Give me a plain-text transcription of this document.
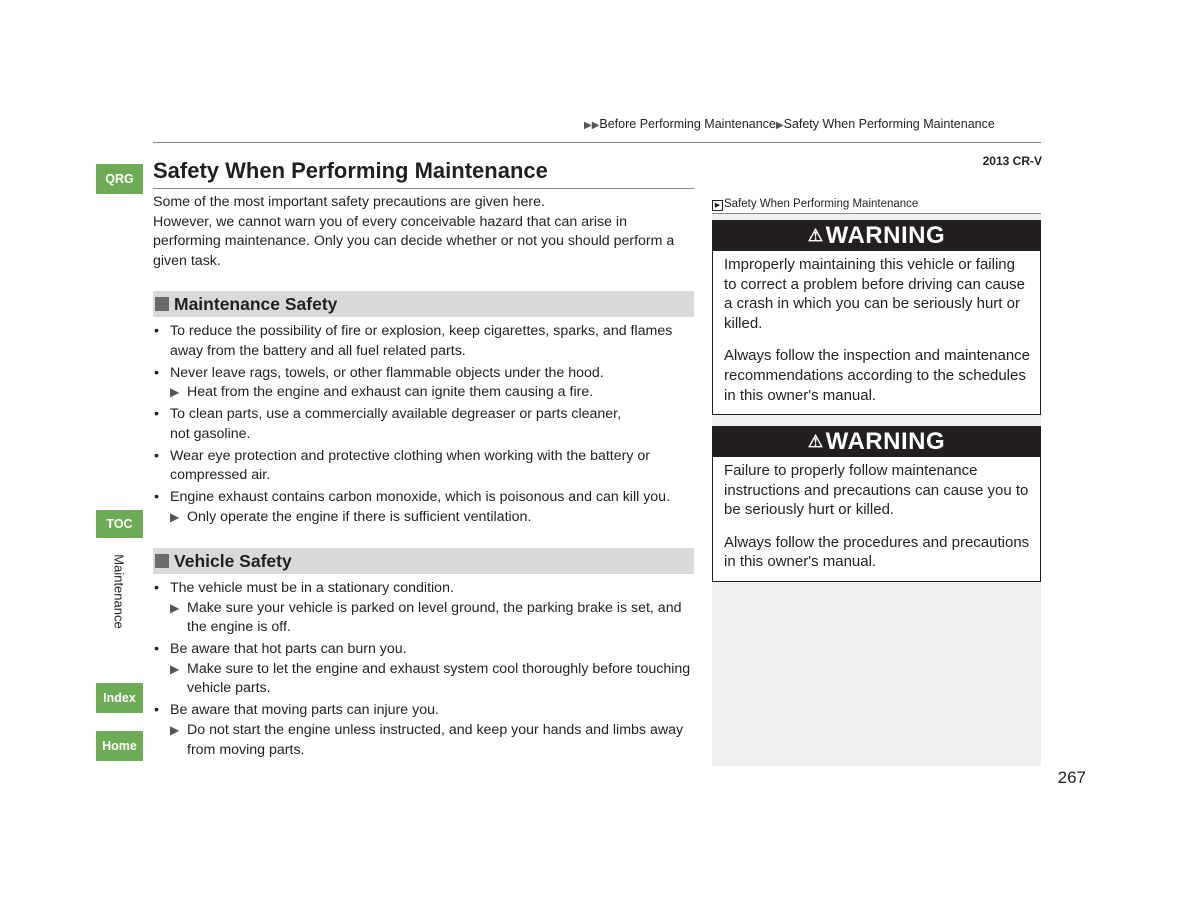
▶▶Before Performing Maintenance▶Safety When Performing Maintenance
2013 CR-V
QRG
TOC
Maintenance
Index
Home
Safety When Performing Maintenance

Some of the most important safety precautions are given here.

However, we cannot warn you of every conceivable hazard that can arise in performing maintenance. Only you can decide whether or not you should perform a given task.

Maintenance Safety
• To reduce the possibility of fire or explosion, keep cigarettes, sparks, and flames away from the battery and all fuel related parts.
• Never leave rags, towels, or other flammable objects under the hood.
▶ Heat from the engine and exhaust can ignite them causing a fire.
• To clean parts, use a commercially available degreaser or parts cleaner,
not gasoline.
• Wear eye protection and protective clothing when working with the battery or compressed air.
• Engine exhaust contains carbon monoxide, which is poisonous and can kill you.
▶ Only operate the engine if there is sufficient ventilation.
Vehicle Safety
• The vehicle must be in a stationary condition.
▶ Make sure your vehicle is parked on level ground, the parking brake is set, and the engine is off.
• Be aware that hot parts can burn you.
▶ Make sure to let the engine and exhaust system cool thoroughly before touching vehicle parts.
• Be aware that moving parts can injure you.
▶ Do not start the engine unless instructed, and keep your hands and limbs away from moving parts.
▶ Safety When Performing Maintenance
⚠WARNING

Improperly maintaining this vehicle or failing to correct a problem before driving can cause a crash in which you can be seriously hurt or killed.

Always follow the inspection and maintenance recommendations according to the schedules in this owner's manual.

⚠WARNING

Failure to properly follow maintenance instructions and precautions can cause you to be seriously hurt or killed.

Always follow the procedures and precautions in this owner's manual.

267
